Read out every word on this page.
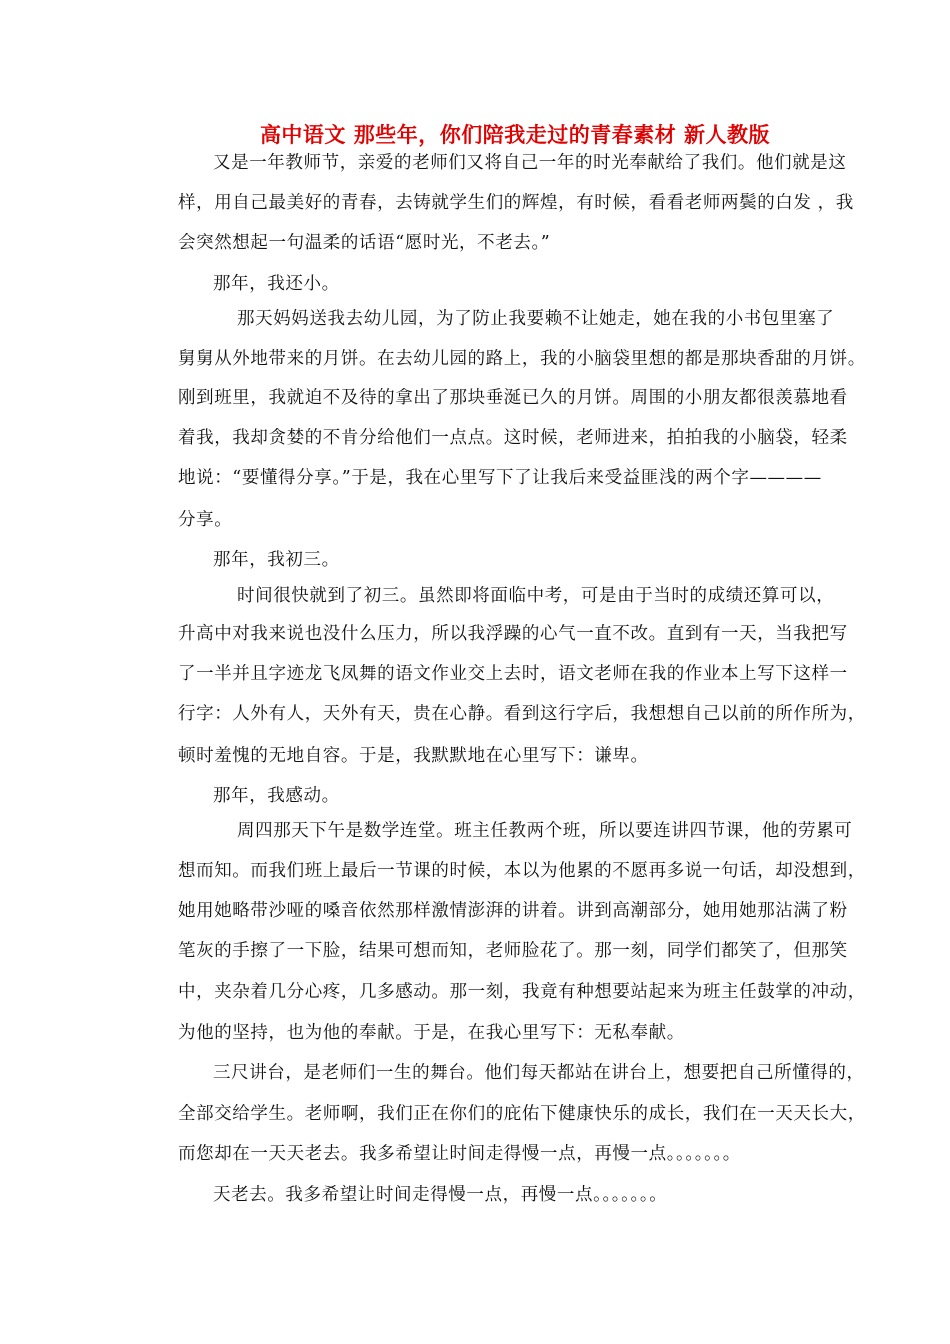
高中语文 那些年，你们陪我走过的青春素材 新人教版
又是一年教师节，亲爱的老师们又将自己一年的时光奉献给了我们。他们就是这
样，用自己最美好的青春，去铸就学生们的辉煌，有时候，看看老师两鬓的白发 ，我
会突然想起一句温柔的话语“愿时光，不老去。”
那年，我还小。
那天妈妈送我去幼儿园，为了防止我要赖不让她走，她在我的小书包里塞了
舅舅从外地带来的月饼。在去幼儿园的路上，我的小脑袋里想的都是那块香甜的月饼。
刚到班里，我就迫不及待的拿出了那块垂涎已久的月饼。周围的小朋友都很羡慕地看
着我，我却贪婪的不肯分给他们一点点。这时候，老师进来，拍拍我的小脑袋，轻柔
地说：“要懂得分享。”于是，我在心里写下了让我后来受益匪浅的两个字————
分享。
那年，我初三。
时间很快就到了初三。虽然即将面临中考，可是由于当时的成绩还算可以，
升高中对我来说也没什么压力，所以我浮躁的心气一直不改。直到有一天，当我把写
了一半并且字迹龙飞凤舞的语文作业交上去时，语文老师在我的作业本上写下这样一
行字：人外有人，天外有天，贵在心静。看到这行字后，我想想自己以前的所作所为，
顿时羞愧的无地自容。于是，我默默地在心里写下：谦卑。
那年，我感动。
周四那天下午是数学连堂。班主任教两个班，所以要连讲四节课，他的劳累可
想而知。而我们班上最后一节课的时候，本以为他累的不愿再多说一句话，却没想到，
她用她略带沙哑的嗓音依然那样激情澎湃的讲着。讲到高潮部分，她用她那沾满了粉
笔灰的手擦了一下脸，结果可想而知，老师脸花了。那一刻，同学们都笑了，但那笑
中，夹杂着几分心疼，几多感动。那一刻，我竟有种想要站起来为班主任鼓掌的冲动，
为他的坚持，也为他的奉献。于是，在我心里写下：无私奉献。
三尺讲台，是老师们一生的舞台。他们每天都站在讲台上，想要把自己所懂得的，
全部交给学生。老师啊，我们正在你们的庇佑下健康快乐的成长，我们在一天天长大，
而您却在一天天老去。我多希望让时间走得慢一点，再慢一点。。。。。。。
天老去。我多希望让时间走得慢一点，再慢一点。。。。。。。
